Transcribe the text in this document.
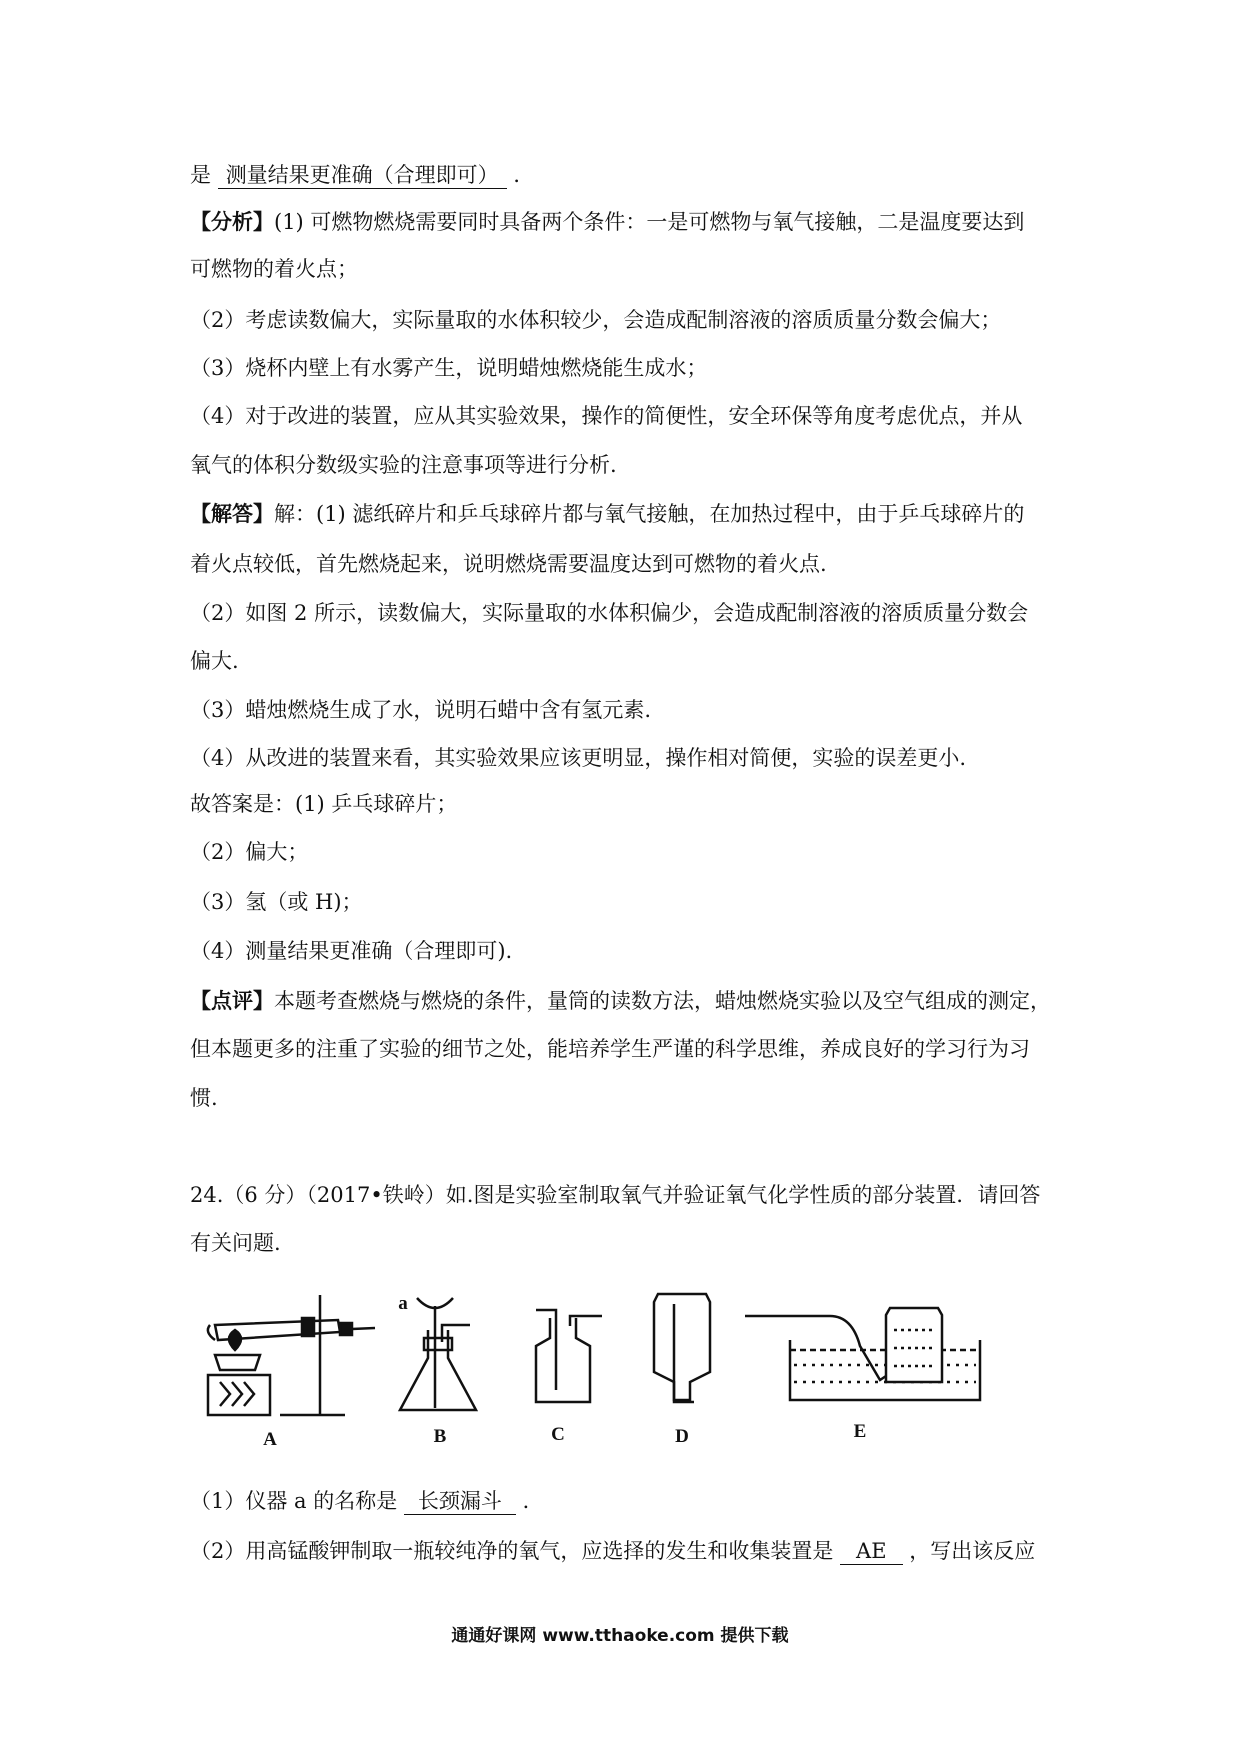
是 测量结果更准确（合理即可） ．
【分析】(1) 可燃物燃烧需要同时具备两个条件：一是可燃物与氧气接触，二是温度要达到
可燃物的着火点；
（2）考虑读数偏大，实际量取的水体积较少，会造成配制溶液的溶质质量分数会偏大；
（3）烧杯内壁上有水雾产生，说明蜡烛燃烧能生成水；
（4）对于改进的装置，应从其实验效果，操作的简便性，安全环保等角度考虑优点，并从
氧气的体积分数级实验的注意事项等进行分析.
【解答】解：(1) 滤纸碎片和乒乓球碎片都与氧气接触，在加热过程中，由于乒乓球碎片的
着火点较低，首先燃烧起来，说明燃烧需要温度达到可燃物的着火点.
（2）如图 2 所示，读数偏大，实际量取的水体积偏少，会造成配制溶液的溶质质量分数会
偏大.
（3）蜡烛燃烧生成了水，说明石蜡中含有氢元素.
（4）从改进的装置来看，其实验效果应该更明显，操作相对简便，实验的误差更小.
故答案是：(1) 乒乓球碎片；
（2）偏大；
（3）氢（或 H)；
（4）测量结果更准确（合理即可).
【点评】本题考查燃烧与燃烧的条件，量筒的读数方法，蜡烛燃烧实验以及空气组成的测定，
但本题更多的注重了实验的细节之处，能培养学生严谨的科学思维，养成良好的学习行为习
惯.
24.（6 分）（2017•铁岭）如.图是实验室制取氧气并验证氧气化学性质的部分装置．请回答
有关问题.
a
A	B	C	D	E
（1）仪器 a 的名称是 长颈漏斗 ．
（2）用高锰酸钾制取一瓶较纯净的氧气，应选择的发生和收集装置是 AE ，写出该反应
通通好课网 www.tthaoke.com 提供下载
